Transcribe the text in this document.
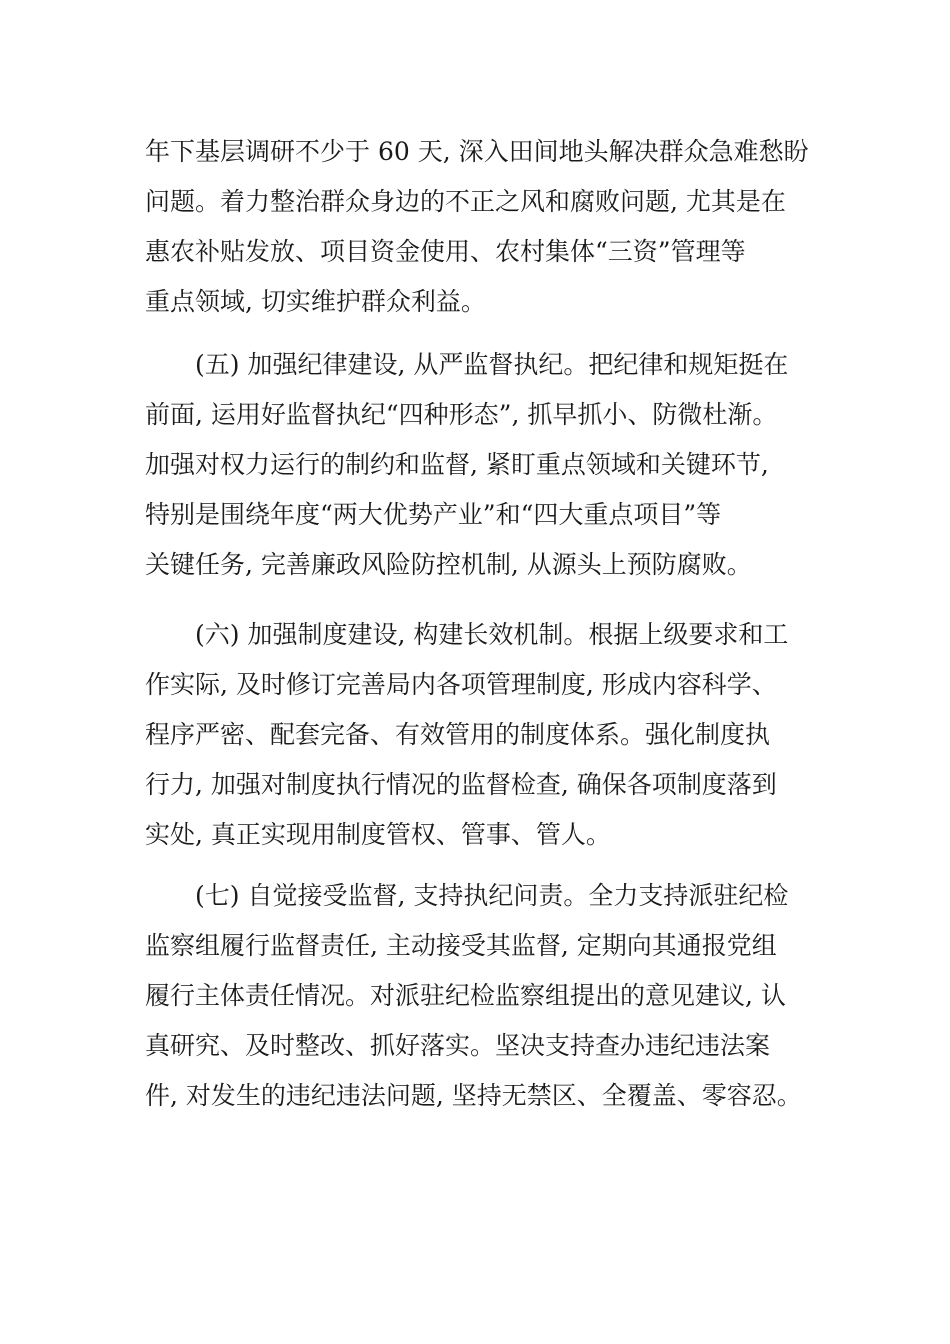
年下基层调研不少于 60 天, 深入田间地头解决群众急难愁盼
问题。着力整治群众身边的不正之风和腐败问题, 尤其是在
惠农补贴发放、项目资金使用、农村集体“三资”管理等
重点领域, 切实维护群众利益。
(五) 加强纪律建设, 从严监督执纪。把纪律和规矩挺在
前面, 运用好监督执纪“四种形态”, 抓早抓小、防微杜渐。
加强对权力运行的制约和监督, 紧盯重点领域和关键环节,
特别是围绕年度“两大优势产业”和“四大重点项目”等
关键任务, 完善廉政风险防控机制, 从源头上预防腐败。
(六) 加强制度建设, 构建长效机制。根据上级要求和工
作实际, 及时修订完善局内各项管理制度, 形成内容科学、
程序严密、配套完备、有效管用的制度体系。强化制度执
行力, 加强对制度执行情况的监督检查, 确保各项制度落到
实处, 真正实现用制度管权、管事、管人。
(七) 自觉接受监督, 支持执纪问责。全力支持派驻纪检
监察组履行监督责任, 主动接受其监督, 定期向其通报党组
履行主体责任情况。对派驻纪检监察组提出的意见建议, 认
真研究、及时整改、抓好落实。坚决支持查办违纪违法案
件, 对发生的违纪违法问题, 坚持无禁区、全覆盖、零容忍。
